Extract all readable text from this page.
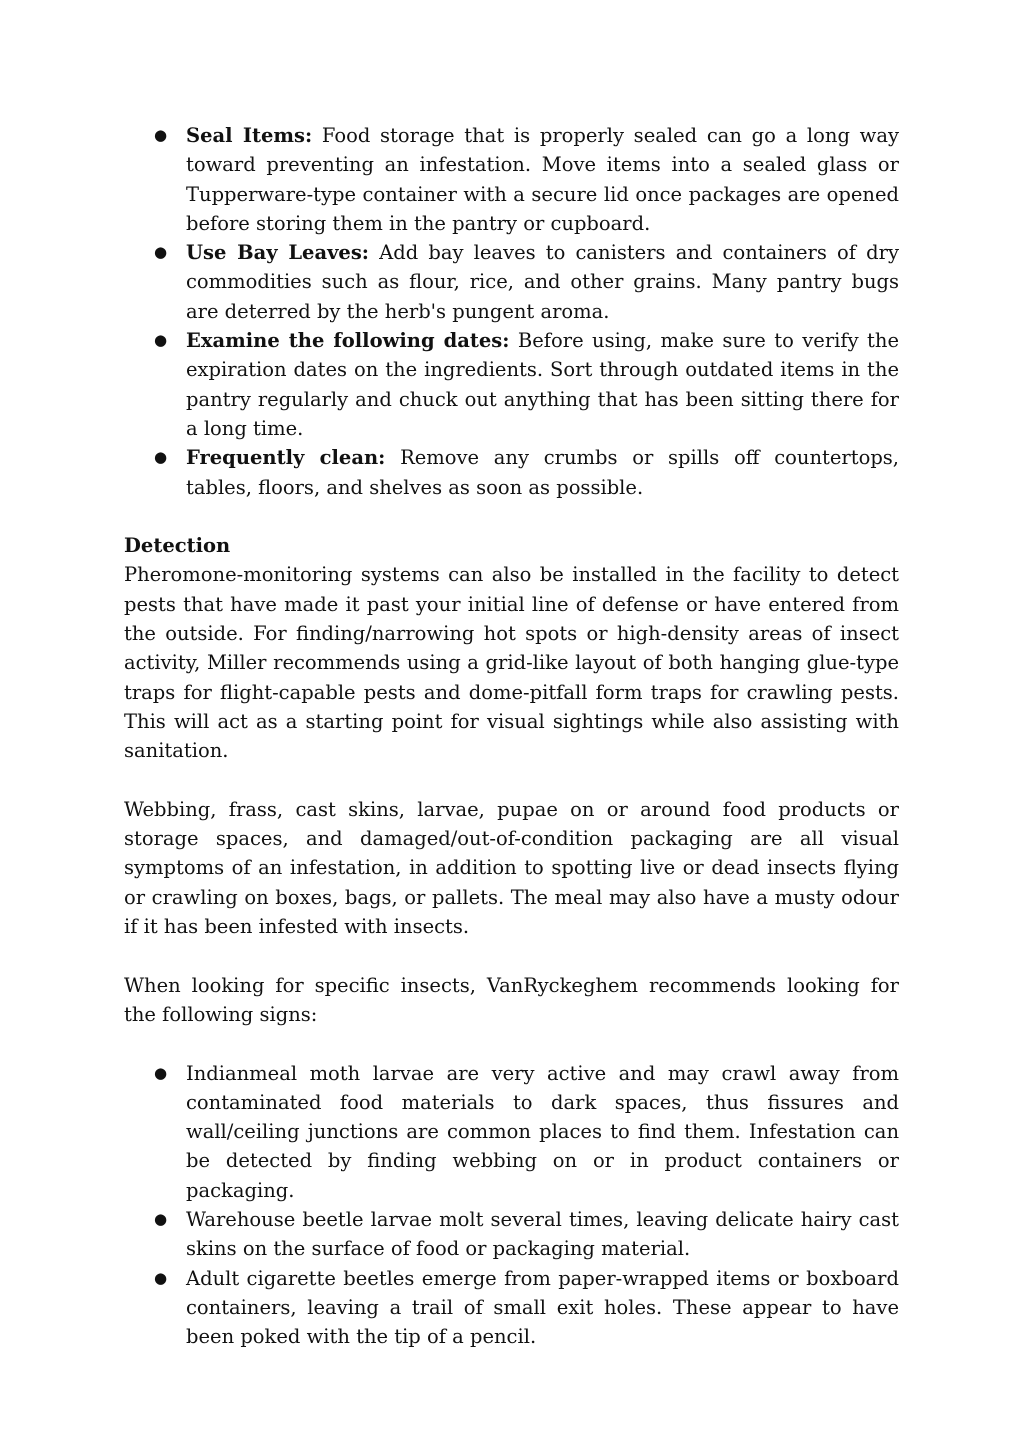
● Seal Items: Food storage that is properly sealed can go a long way toward preventing an infestation. Move items into a sealed glass or Tupperware-type container with a secure lid once packages are opened before storing them in the pantry or cupboard.
● Use Bay Leaves: Add bay leaves to canisters and containers of dry commodities such as flour, rice, and other grains. Many pantry bugs are deterred by the herb's pungent aroma.
● Examine the following dates: Before using, make sure to verify the expiration dates on the ingredients. Sort through outdated items in the pantry regularly and chuck out anything that has been sitting there for a long time.
● Frequently clean: Remove any crumbs or spills off countertops, tables, floors, and shelves as soon as possible.

Detection

Pheromone-monitoring systems can also be installed in the facility to detect pests that have made it past your initial line of defense or have entered from the outside. For finding/narrowing hot spots or high-density areas of insect activity, Miller recommends using a grid-like layout of both hanging glue-type traps for flight-capable pests and dome-pitfall form traps for crawling pests. This will act as a starting point for visual sightings while also assisting with sanitation.

Webbing, frass, cast skins, larvae, pupae on or around food products or storage spaces, and damaged/out-of-condition packaging are all visual symptoms of an infestation, in addition to spotting live or dead insects flying or crawling on boxes, bags, or pallets. The meal may also have a musty odour if it has been infested with insects.

When looking for specific insects, VanRyckeghem recommends looking for the following signs:

● Indianmeal moth larvae are very active and may crawl away from contaminated food materials to dark spaces, thus fissures and wall/ceiling junctions are common places to find them. Infestation can be detected by finding webbing on or in product containers or packaging.
● Warehouse beetle larvae molt several times, leaving delicate hairy cast skins on the surface of food or packaging material.
● Adult cigarette beetles emerge from paper-wrapped items or boxboard containers, leaving a trail of small exit holes. These appear to have been poked with the tip of a pencil.
